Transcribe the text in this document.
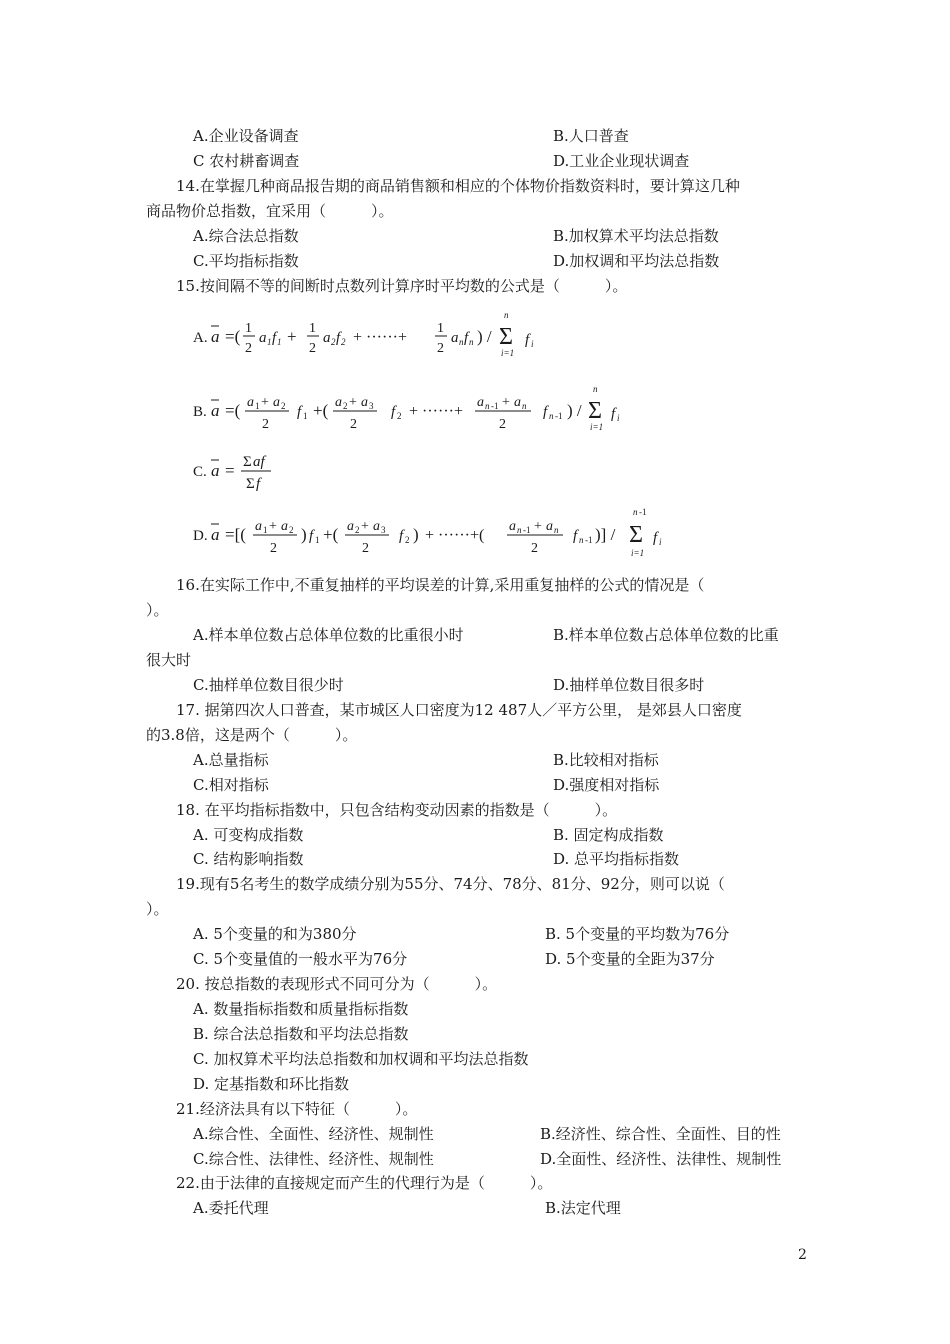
A.企业设备调查	B.人口普查
C 农村耕畜调查	D.工业企业现状调查
14.在掌握几种商品报告期的商品销售额和相应的个体物价指数资料时，要计算这几种
商品物价总指数，宜采用（　　　）。
A.综合法总指数	B.加权算术平均法总指数
C.平均指标指数	D.加权调和平均法总指数
15.按间隔不等的间断时点数列计算序时平均数的公式是（　　　）。
A. a =( 1
2
a 1 f 1 + 1
2
a 2 f 2 + ······+
1
2
a n f n ) /
n
Σ
i=1
f i
B. a =( a 1 + a 2
2
f 1 +( a 2 + a 3
2
f 2 + ······+
a n -1 + a n
2
f n -1 ) /
n
Σ
i=1
f i
C. a = Σ af
Σ f
D. a =[( a 1 + a 2
2
) f 1 +( a 2 + a 3
2
f 2 ) + ······+(
a n -1 + a n
2
f n -1 )] /
n -1
Σ
i=1
f i
16.在实际工作中,不重复抽样的平均误差的计算,采用重复抽样的公式的情况是（
）。
A.样本单位数占总体单位数的比重很小时	B.样本单位数占总体单位数的比重
很大时
C.抽样单位数目很少时	D.抽样单位数目很多时
17. 据第四次人口普查，某市城区人口密度为12 487人／平方公里， 是郊县人口密度
的3.8倍，这是两个（　　　）。
A.总量指标	B.比较相对指标
C.相对指标	D.强度相对指标
18. 在平均指标指数中，只包含结构变动因素的指数是（　　　）。
A. 可变构成指数	B. 固定构成指数
C. 结构影响指数	D. 总平均指标指数
19.现有5名考生的数学成绩分别为55分、74分、78分、81分、92分，则可以说（
）。
A. 5个变量的和为380分	B. 5个变量的平均数为76分
C. 5个变量值的一般水平为76分	D. 5个变量的全距为37分
20. 按总指数的表现形式不同可分为（　　　）。
A. 数量指标指数和质量指标指数
B. 综合法总指数和平均法总指数
C. 加权算术平均法总指数和加权调和平均法总指数
D. 定基指数和环比指数
21.经济法具有以下特征（　　　）。
A.综合性、全面性、经济性、规制性	B.经济性、综合性、全面性、目的性
C.综合性、法律性、经济性、规制性	D.全面性、经济性、法律性、规制性
22.由于法律的直接规定而产生的代理行为是（　　　）。
A.委托代理	B.法定代理
2
